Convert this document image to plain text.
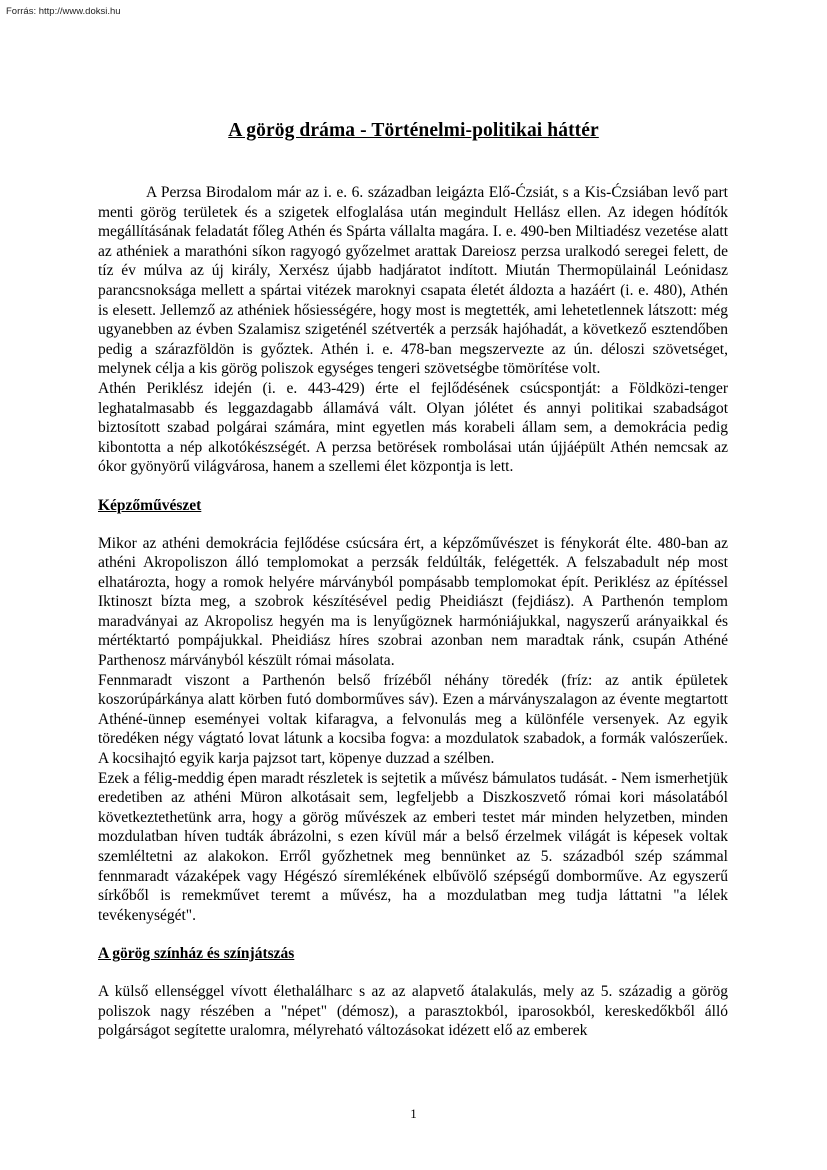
Forrás: http://www.doksi.hu

A görög dráma - Történelmi-politikai háttér

A Perzsa Birodalom már az i. e. 6. században leigázta Elő-Ćzsiát, s a Kis-Ćzsiában levő part menti görög területek és a szigetek elfoglalása után megindult Hellász ellen. Az idegen hódítók megállításának feladatát főleg Athén és Spárta vállalta magára. I. e. 490-ben Miltiadész vezetése alatt az athéniek a marathóni síkon ragyogó győzelmet arattak Dareiosz perzsa uralkodó seregei felett, de tíz év múlva az új király, Xerxész újabb hadjáratot indított. Miután Thermopülainál Leónidasz parancsnoksága mellett a spártai vitézek maroknyi csapata életét áldozta a hazáért (i. e. 480), Athén is elesett. Jellemző az athéniek hősiességére, hogy most is megtették, ami lehetetlennek látszott: még ugyanebben az évben Szalamisz szigeténél szétverték a perzsák hajóhadát, a következő esztendőben pedig a szárazföldön is győztek. Athén i. e. 478-ban megszervezte az ún. déloszi szövetséget, melynek célja a kis görög poliszok egységes tengeri szövetségbe tömörítése volt.

Athén Periklész idején (i. e. 443-429) érte el fejlődésének csúcspontját: a Földközi-tenger leghatalmasabb és leggazdagabb államává vált. Olyan jólétet és annyi politikai szabadságot biztosított szabad polgárai számára, mint egyetlen más korabeli állam sem, a demokrácia pedig kibontotta a nép alkotókészségét. A perzsa betörések rombolásai után újjáépült Athén nemcsak az ókor gyönyörű világvárosa, hanem a szellemi élet központja is lett.

Képzőművészet

Mikor az athéni demokrácia fejlődése csúcsára ért, a képzőművészet is fénykorát élte. 480-ban az athéni Akropoliszon álló templomokat a perzsák feldúlták, felégették. A felszabadult nép most elhatározta, hogy a romok helyére márványból pompásabb templomokat épít. Periklész az építéssel Iktinoszt bízta meg, a szobrok készítésével pedig Pheidiászt (fejdiász). A Parthenón templom maradványai az Akropolisz hegyén ma is lenyűgöznek harmóniájukkal, nagyszerű arányaikkal és mértéktartó pompájukkal. Pheidiász híres szobrai azonban nem maradtak ránk, csupán Athéné Parthenosz márványból készült római másolata.

Fennmaradt viszont a Parthenón belső frízéből néhány töredék (fríz: az antik épületek koszorúpárkánya alatt körben futó domborműves sáv). Ezen a márványszalagon az évente megtartott Athéné-ünnep eseményei voltak kifaragva, a felvonulás meg a különféle versenyek. Az egyik töredéken négy vágtató lovat látunk a kocsiba fogva: a mozdulatok szabadok, a formák valószerűek. A kocsihajtó egyik karja pajzsot tart, köpenye duzzad a szélben.

Ezek a félig-meddig épen maradt részletek is sejtetik a művész bámulatos tudását. - Nem ismerhetjük eredetiben az athéni Müron alkotásait sem, legfeljebb a Diszkoszvető római kori másolatából következtethetünk arra, hogy a görög művészek az emberi testet már minden helyzetben, minden mozdulatban híven tudták ábrázolni, s ezen kívül már a belső érzelmek világát is képesek voltak szemléltetni az alakokon. Erről győzhetnek meg bennünket az 5. századból szép számmal fennmaradt vázaképek vagy Hégészó síremlékének elbűvölő szépségű domborműve. Az egyszerű sírkőből is remekművet teremt a művész, ha a mozdulatban meg tudja láttatni "a lélek tevékenységét".

A görög színház és színjátszás

A külső ellenséggel vívott élethalálharc s az az alapvető átalakulás, mely az 5. századig a görög poliszok nagy részében a "népet" (démosz), a parasztokból, iparosokból, kereskedőkből álló polgárságot segítette uralomra, mélyreható változásokat idézett elő az emberek

1
